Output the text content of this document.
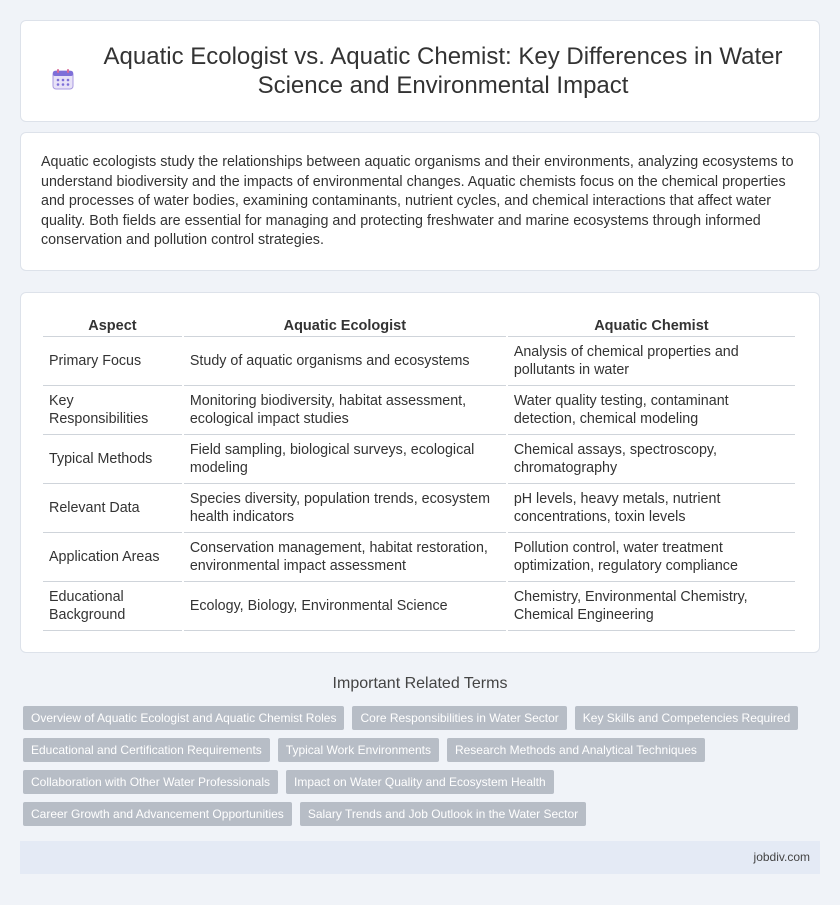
Aquatic Ecologist vs. Aquatic Chemist: Key Differences in Water Science and Environmental Impact

Aquatic ecologists study the relationships between aquatic organisms and their environments, analyzing ecosystems to understand biodiversity and the impacts of environmental changes. Aquatic chemists focus on the chemical properties and processes of water bodies, examining contaminants, nutrient cycles, and chemical interactions that affect water quality. Both fields are essential for managing and protecting freshwater and marine ecosystems through informed conservation and pollution control strategies.

Aspect	Aquatic Ecologist	Aquatic Chemist
Primary Focus	Study of aquatic organisms and ecosystems	Analysis of chemical properties and pollutants in water
Key Responsibilities	Monitoring biodiversity, habitat assessment, ecological impact studies	Water quality testing, contaminant detection, chemical modeling
Typical Methods	Field sampling, biological surveys, ecological modeling	Chemical assays, spectroscopy, chromatography
Relevant Data	Species diversity, population trends, ecosystem health indicators	pH levels, heavy metals, nutrient concentrations, toxin levels
Application Areas	Conservation management, habitat restoration, environmental impact assessment	Pollution control, water treatment optimization, regulatory compliance
Educational Background	Ecology, Biology, Environmental Science	Chemistry, Environmental Chemistry, Chemical Engineering
Important Related Terms
Overview of Aquatic Ecologist and Aquatic Chemist Roles	Core Responsibilities in Water Sector	Key Skills and Competencies Required
Educational and Certification Requirements	Typical Work Environments	Research Methods and Analytical Techniques
Collaboration with Other Water Professionals	Impact on Water Quality and Ecosystem Health
Career Growth and Advancement Opportunities	Salary Trends and Job Outlook in the Water Sector
jobdiv.com
